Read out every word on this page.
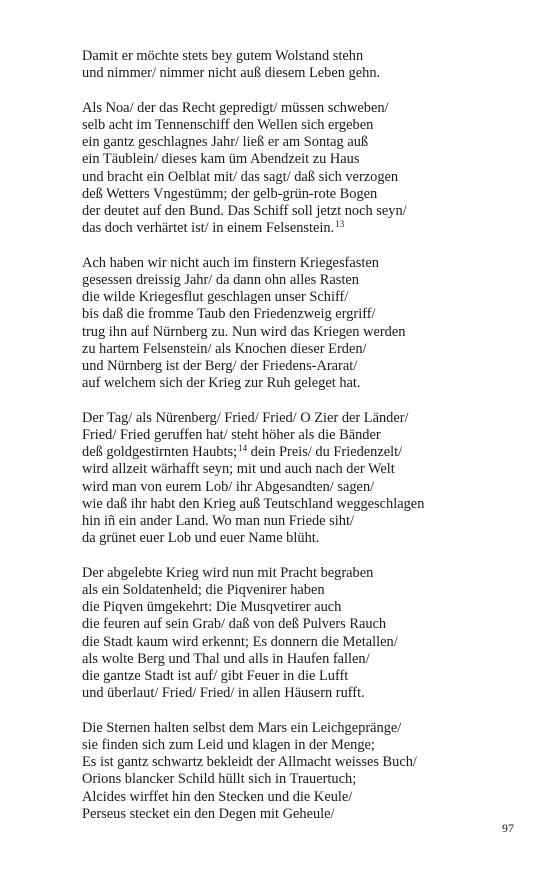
Damit er möchte stets bey gutem Wolstand stehn
und nimmer/ nimmer nicht auß diesem Leben gehn.
Als Noa/ der das Recht gepredigt/ müssen schweben/
selb acht im Tennenschiff den Wellen sich ergeben
ein gantz geschlagnes Jahr/ ließ er am Sontag auß
ein Täublein/ dieses kam üm Abendzeit zu Haus
und bracht ein Oelblat mit/ das sagt/ daß sich verzogen
deß Wetters Vngestümm; der gelb-grün-rote Bogen
der deutet auf den Bund. Das Schiff soll jetzt noch seyn/
das doch verhärtet ist/ in einem Felsenstein.$^{13}$
Ach haben wir nicht auch im finstern Kriegesfasten
gesessen dreissig Jahr/ da dann ohn alles Rasten
die wilde Kriegesflut geschlagen unser Schiff/
bis daß die fromme Taub den Friedenzweig ergriff/
trug ihn auf Nürnberg zu. Nun wird das Kriegen werden
zu hartem Felsenstein/ als Knochen dieser Erden/
und Nürnberg ist der Berg/ der Friedens-Ararat/
auf welchem sich der Krieg zur Ruh geleget hat.
Der Tag/ als Nürenberg/ Fried/ Fried/ O Zier der Länder/
Fried/ Fried geruffen hat/ steht höher als die Bänder
deß goldgestirnten Haubts;$^{14}$ dein Preis/ du Friedenzelt/
wird allzeit wärhafft seyn; mit und auch nach der Welt
wird man von eurem Lob/ ihr Abgesandten/ sagen/
wie daß ihr habt den Krieg auß Teutschland weggeschlagen
hin iñ ein ander Land. Wo man nun Friede siht/
da grünet euer Lob und euer Name blüht.
Der abgelebte Krieg wird nun mit Pracht begraben
als ein Soldatenheld; die Piqvenirer haben
die Piqven ümgekehrt: Die Musqvetirer auch
die feuren auf sein Grab/ daß von deß Pulvers Rauch
die Stadt kaum wird erkennt; Es donnern die Metallen/
als wolte Berg und Thal und alls in Haufen fallen/
die gantze Stadt ist auf/ gibt Feuer in die Lufft
und überlaut/ Fried/ Fried/ in allen Häusern rufft.
Die Sternen halten selbst dem Mars ein Leichgepränge/
sie finden sich zum Leid und klagen in der Menge;
Es ist gantz schwartz bekleidt der Allmacht weisses Buch/
Orions blancker Schild hüllt sich in Trauertuch;
Alcides wirffet hin den Stecken und die Keule/
Perseus stecket ein den Degen mit Geheule/
97
